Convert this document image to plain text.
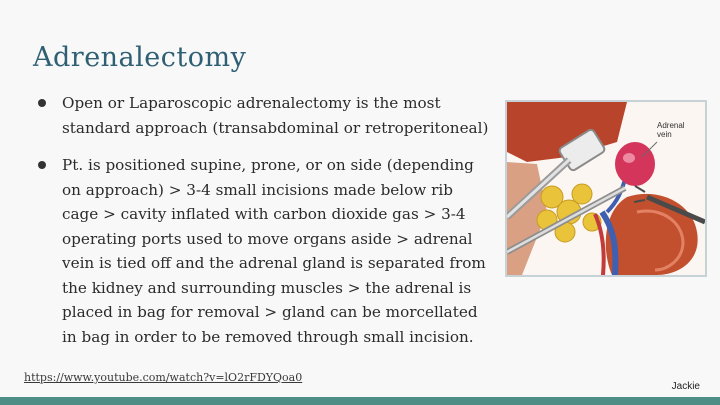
Adrenalectomy
Open or Laparoscopic adrenalectomy is the most standard approach (transabdominal or retroperitoneal)
Pt. is positioned supine, prone, or on side (depending on approach) > 3-4 small incisions made below rib cage > cavity inflated with carbon dioxide gas > 3-4 operating ports used to move organs aside > adrenal vein is tied off and the adrenal gland is separated from the kidney and surrounding muscles > the adrenal is placed in bag for removal > gland can be morcellated in bag in order to be removed through small incision.
Adrenal
vein
https://www.youtube.com/watch?v=lO2rFDYQoa0
Jackie
